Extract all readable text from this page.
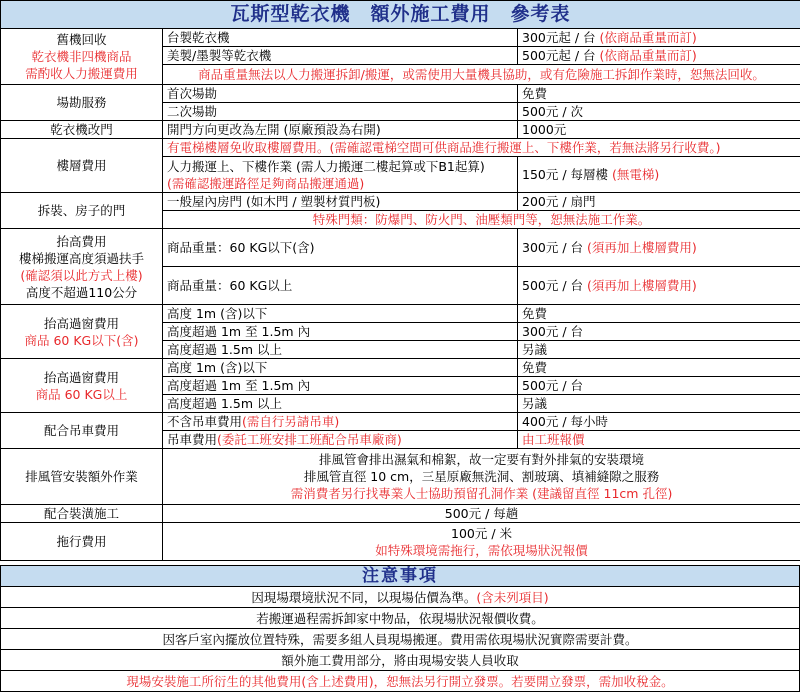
瓦斯型乾衣機　額外施工費用　參考表		

舊機回收
乾衣機非四機商品
需酌收人力搬運費用	台製乾衣機	300元起 / 台 (依商品重量而訂)
	美製/墨製等乾衣機	500元起 / 台 (依商品重量而訂)
	商品重量無法以人力搬運拆卸/搬運，或需使用大量機具協助，或有危險施工拆卸作業時，恕無法回收。	
場勘服務	首次場勘	免費
	二次場勘	500元 / 次
乾衣機改門	開門方向更改為左開 (原廠預設為右開)	1000元
樓層費用	有電梯樓層免收取樓層費用。(需確認電梯空間可供商品進行搬運上、下樓作業，若無法將另行收費。)	

	人力搬運上、下樓作業 (需人力搬運二樓起算或下B1起算)
(需確認搬運路徑足夠商品搬運通過)	150元 / 每層樓 (無電梯)
拆裝、房子的門	一般屋內房門 (如木門 / 塑製材質門板)	200元 / 扇門
	特殊門類：防爆門、防火門、油壓類門等，恕無法施工作業。	

抬高費用
樓梯搬運高度須過扶手
(確認須以此方式上樓)
高度不超過110公分	商品重量：60 KG以下(含)	300元 / 台 (須再加上樓層費用)
	商品重量：60 KG以上	500元 / 台 (須再加上樓層費用)

抬高過窗費用
商品 60 KG以下(含)	高度 1m (含)以下	免費
	高度超過 1m 至 1.5m 內	300元 / 台
	高度超過 1.5m 以上	另議

抬高過窗費用
商品 60 KG以上	高度 1m (含)以下	免費
	高度超過 1m 至 1.5m 內	500元 / 台
	高度超過 1.5m 以上	另議
配合吊車費用	不含吊車費用(需自行另請吊車)	400元 / 每小時
	吊車費用(委託工班安排工班配合吊車廠商)	由工班報價
排風管安裝額外作業	排風管會排出濕氣和棉絮，故一定要有對外排氣的安裝環境
排風管直徑 10 cm，三星原廠無洗洞、割玻璃、填補縫隙之服務
需消費者另行找專業人士協助預留孔洞作業 (建議留直徑 11cm 孔徑)	

配合裝潢施工	500元 / 每趟	
拖行費用	100元 / 米
如特殊環境需拖行，需依現場狀況報價	
注意事項
因現場環境狀況不同，以現場估價為準。(含未列項目)
若搬運過程需拆卸家中物品，依現場狀況報價收費。
因客戶室內擺放位置特殊，需要多組人員現場搬運。費用需依現場狀況實際需要計費。
額外施工費用部分，將由現場安裝人員收取
現場安裝施工所衍生的其他費用(含上述費用)，恕無法另行開立發票。若要開立發票，需加收稅金。
